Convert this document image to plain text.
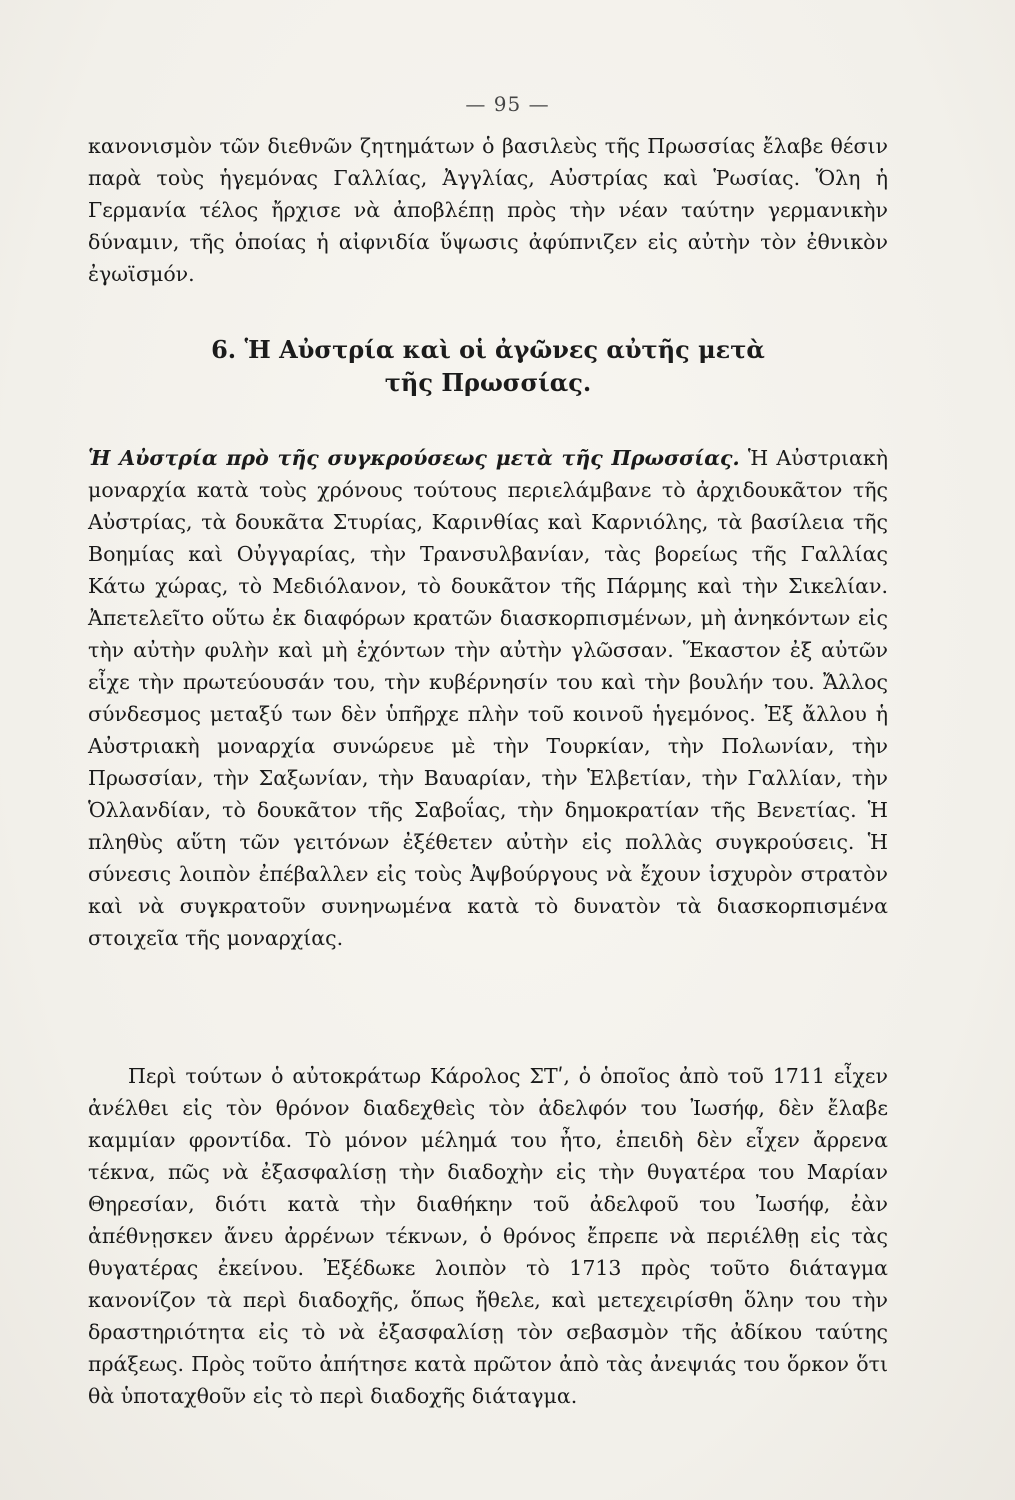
— 95 —
κανονισμὸν τῶν διεθνῶν ζητημάτων ὁ βασιλεὺς τῆς Πρωσσίας ἔλαβε θέσιν παρὰ τοὺς ἡγεμόνας Γαλλίας, Ἀγγλίας, Αὐστρίας καὶ Ῥωσίας. Ὅλη ἡ Γερμανία τέλος ἤρχισε νὰ ἀποβλέπῃ πρὸς τὴν νέαν ταύτην γερμανικὴν δύναμιν, τῆς ὁποίας ἡ αἰφνιδία ὕψωσις ἀφύπνιζεν εἰς αὐτὴν τὸν ἐθνικὸν ἐγωϊσμόν.
6. Ἡ Αὐστρία καὶ οἱ ἀγῶνες αὐτῆς μετὰ
τῆς Πρωσσίας.
Ἡ Αὐστρία πρὸ τῆς συγκρούσεως μετὰ τῆς Πρωσσίας. Ἡ Αὐστριακὴ μοναρχία κατὰ τοὺς χρόνους τούτους περιελάμβανε τὸ ἀρχιδουκᾶτον τῆς Αὐστρίας, τὰ δουκᾶτα Στυρίας, Καρινθίας καὶ Καρνιόλης, τὰ βασίλεια τῆς Βοημίας καὶ Οὐγγαρίας, τὴν Τρανσυλβανίαν, τὰς βορείως τῆς Γαλλίας Κάτω χώρας, τὸ Μεδιόλανον, τὸ δουκᾶτον τῆς Πάρμης καὶ τὴν Σικελίαν. Ἀπετελεῖτο οὕτω ἐκ διαφόρων κρατῶν διασκορπισμένων, μὴ ἀνηκόντων εἰς τὴν αὐτὴν φυλὴν καὶ μὴ ἐχόντων τὴν αὐτὴν γλῶσσαν. Ἕκαστον ἐξ αὐτῶν εἶχε τὴν πρωτεύουσάν του, τὴν κυβέρνησίν του καὶ τὴν βουλήν του. Ἄλλος σύνδεσμος μεταξύ των δὲν ὑπῆρχε πλὴν τοῦ κοινοῦ ἡγεμόνος. Ἐξ ἄλλου ἡ Αὐστριακὴ μοναρχία συνώρευε μὲ τὴν Τουρκίαν, τὴν Πολωνίαν, τὴν Πρωσσίαν, τὴν Σαξωνίαν, τὴν Βαυαρίαν, τὴν Ἑλβετίαν, τὴν Γαλλίαν, τὴν Ὁλλανδίαν, τὸ δουκᾶτον τῆς Σαβοΐας, τὴν δημοκρατίαν τῆς Βενετίας. Ἡ πληθὺς αὕτη τῶν γειτόνων ἐξέθετεν αὐτὴν εἰς πολλὰς συγκρούσεις. Ἡ σύνεσις λοιπὸν ἐπέβαλλεν εἰς τοὺς Ἀψβούργους νὰ ἔχουν ἰσχυρὸν στρατὸν καὶ νὰ συγκρατοῦν συνηνωμένα κατὰ τὸ δυνατὸν τὰ διασκορπισμένα στοιχεῖα τῆς μοναρχίας.
Περὶ τούτων ὁ αὐτοκράτωρ Κάρολος ΣΤʹ, ὁ ὁποῖος ἀπὸ τοῦ 1711 εἶχεν ἀνέλθει εἰς τὸν θρόνον διαδεχθεὶς τὸν ἀδελφόν του Ἰωσήφ, δὲν ἔλαβε καμμίαν φροντίδα. Τὸ μόνον μέλημά του ἦτο, ἐπειδὴ δὲν εἶχεν ἄρρενα τέκνα, πῶς νὰ ἐξασφαλίσῃ τὴν διαδοχὴν εἰς τὴν θυγατέρα του Μαρίαν Θηρεσίαν, διότι κατὰ τὴν διαθήκην τοῦ ἀδελφοῦ του Ἰωσήφ, ἐὰν ἀπέθνῃσκεν ἄνευ ἀρρένων τέκνων, ὁ θρόνος ἔπρεπε νὰ περιέλθῃ εἰς τὰς θυγατέρας ἐκείνου. Ἐξέδωκε λοιπὸν τὸ 1713 πρὸς τοῦτο διάταγμα κανονίζον τὰ περὶ διαδοχῆς, ὅπως ἤθελε, καὶ μετεχειρίσθη ὅλην του τὴν δραστηριότητα εἰς τὸ νὰ ἐξασφαλίσῃ τὸν σεβασμὸν τῆς ἀδίκου ταύτης πράξεως. Πρὸς τοῦτο ἀπήτησε κατὰ πρῶτον ἀπὸ τὰς ἀνεψιάς του ὅρκον ὅτι θὰ ὑποταχθοῦν εἰς τὸ περὶ διαδοχῆς διάταγμα.
